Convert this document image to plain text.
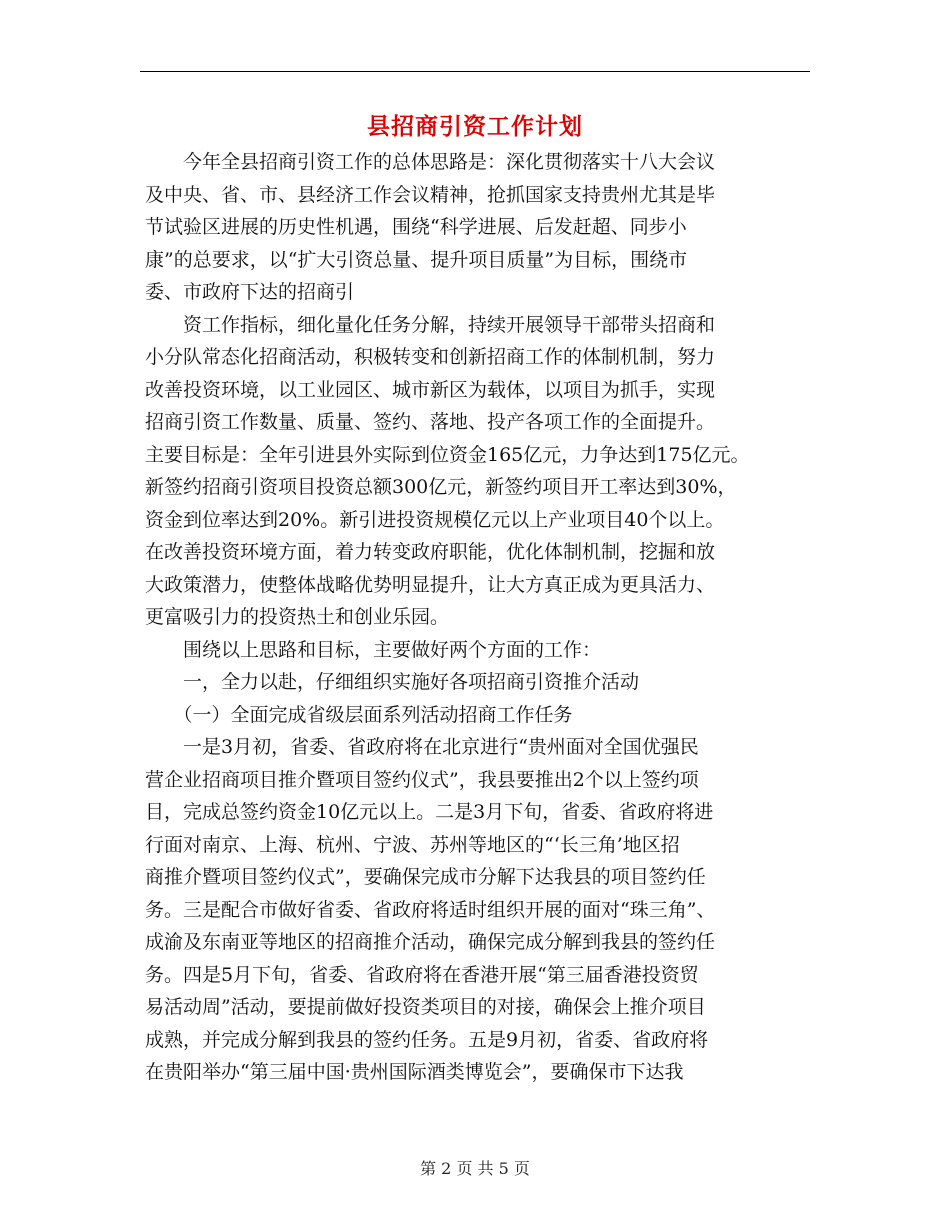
县招商引资工作计划

　　今年全县招商引资工作的总体思路是：深化贯彻落实十八大会议

及中央、省、市、县经济工作会议精神，抢抓国家支持贵州尤其是毕

节试验区进展的历史性机遇，围绕“科学进展、后发赶超、同步小

康”的总要求，以“扩大引资总量、提升项目质量”为目标，围绕市

委、市政府下达的招商引

　　资工作指标，细化量化任务分解，持续开展领导干部带头招商和

小分队常态化招商活动，积极转变和创新招商工作的体制机制，努力

改善投资环境，以工业园区、城市新区为载体，以项目为抓手，实现

招商引资工作数量、质量、签约、落地、投产各项工作的全面提升。

主要目标是：全年引进县外实际到位资金165亿元，力争达到175亿元。

新签约招商引资项目投资总额300亿元，新签约项目开工率达到30%，

资金到位率达到20%。新引进投资规模亿元以上产业项目40个以上。

在改善投资环境方面，着力转变政府职能，优化体制机制，挖掘和放

大政策潜力，使整体战略优势明显提升，让大方真正成为更具活力、

更富吸引力的投资热土和创业乐园。

　　围绕以上思路和目标，主要做好两个方面的工作：

　　一，全力以赴，仔细组织实施好各项招商引资推介活动

　　（一）全面完成省级层面系列活动招商工作任务

　　一是3月初，省委、省政府将在北京进行“贵州面对全国优强民

营企业招商项目推介暨项目签约仪式”，我县要推出2个以上签约项

目，完成总签约资金10亿元以上。二是3月下旬，省委、省政府将进

行面对南京、上海、杭州、宁波、苏州等地区的“‘长三角’地区招

商推介暨项目签约仪式”，要确保完成市分解下达我县的项目签约任

务。三是配合市做好省委、省政府将适时组织开展的面对“珠三角”、

成渝及东南亚等地区的招商推介活动，确保完成分解到我县的签约任

务。四是5月下旬，省委、省政府将在香港开展“第三届香港投资贸

易活动周”活动，要提前做好投资类项目的对接，确保会上推介项目

成熟，并完成分解到我县的签约任务。五是9月初，省委、省政府将

在贵阳举办“第三届中国·贵州国际酒类博览会”，要确保市下达我

第 2 页 共 5 页
